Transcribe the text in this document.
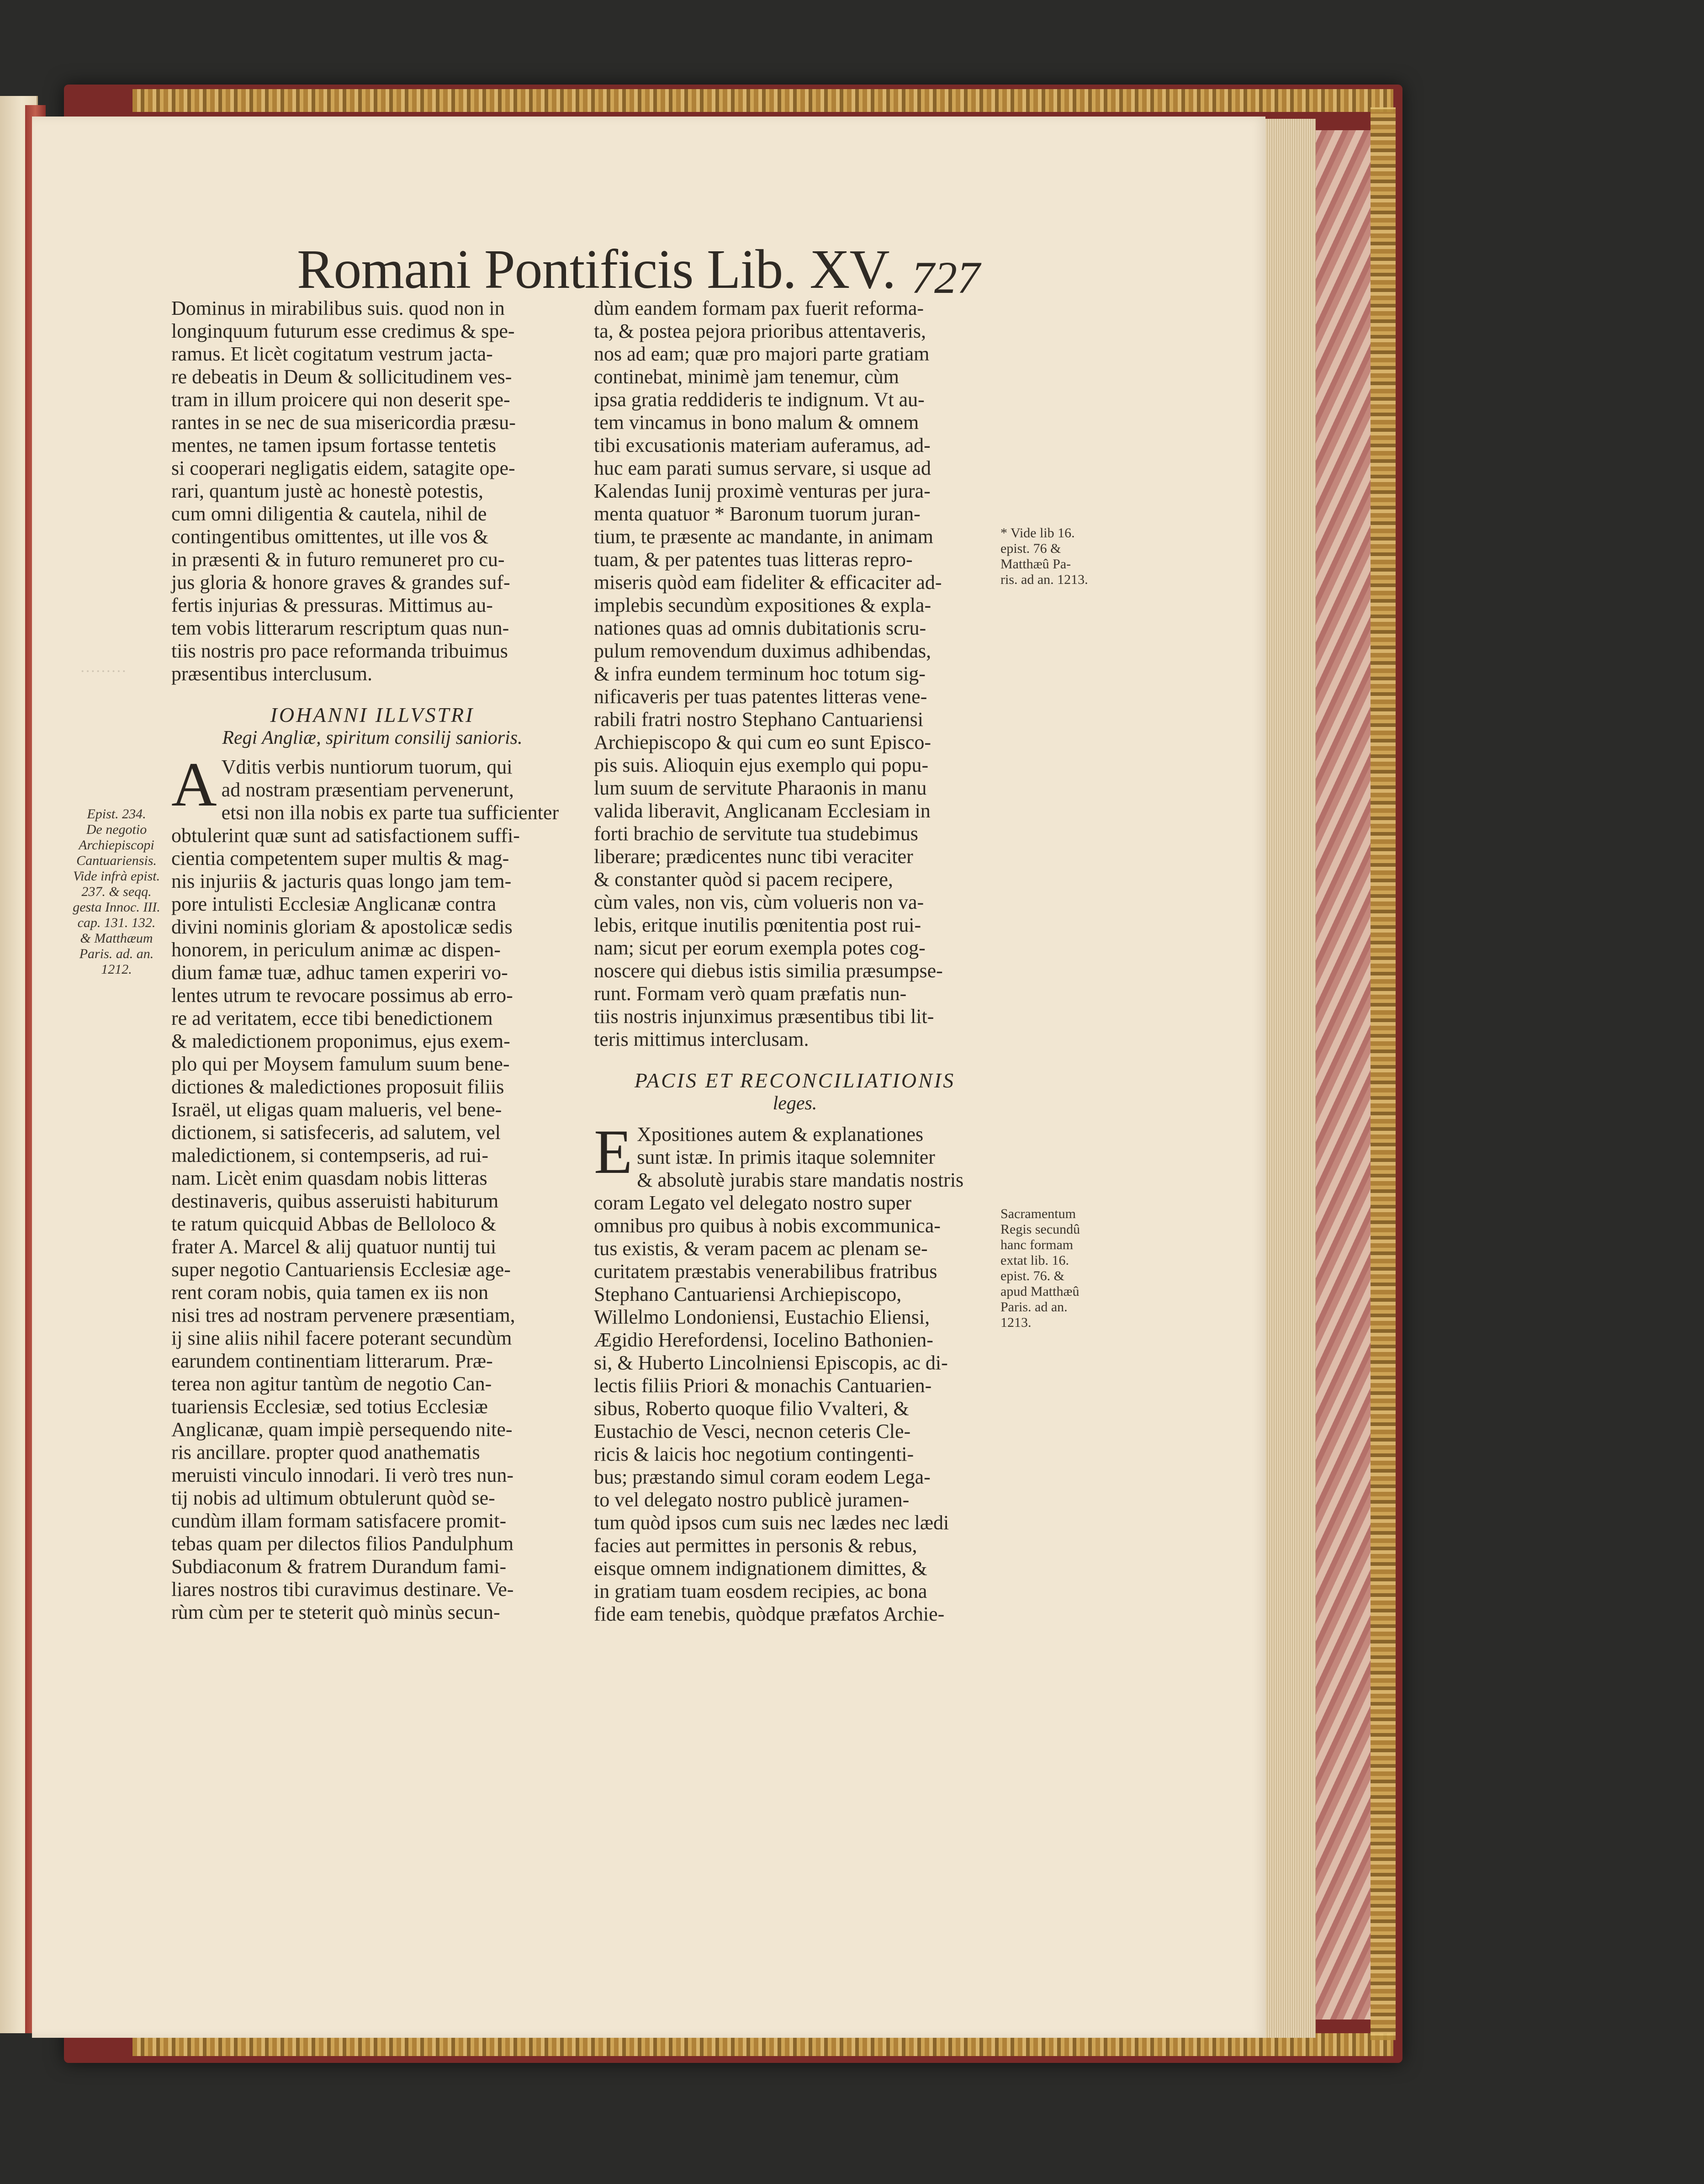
Romani Pontificis Lib. XV. 727

Dominus in mirabilibus suis. quod non in

longinquum futurum esse credimus & spe-

ramus. Et licèt cogitatum vestrum jacta-

re debeatis in Deum & sollicitudinem ves-

tram in illum proicere qui non deserit spe-

rantes in se nec de sua misericordia præsu-

mentes, ne tamen ipsum fortasse tentetis

si cooperari negligatis eidem, satagite ope-

rari, quantum justè ac honestè potestis,

cum omni diligentia & cautela, nihil de

contingentibus omittentes, ut ille vos &

in præsenti & in futuro remuneret pro cu-

jus gloria & honore graves & grandes suf-

fertis injurias & pressuras. Mittimus au-

tem vobis litterarum rescriptum quas nun-

tiis nostris pro pace reformanda tribuimus

præsentibus interclusum.

IOHANNI ILLVSTRI

Regi Angliæ, spiritum consilij sanioris.

A Vditis verbis nuntiorum tuorum, qui

ad nostram præsentiam pervenerunt,

etsi non illa nobis ex parte tua sufficienter

obtulerint quæ sunt ad satisfactionem suffi-

cientia competentem super multis & mag-

nis injuriis & jacturis quas longo jam tem-

pore intulisti Ecclesiæ Anglicanæ contra

divini nominis gloriam & apostolicæ sedis

honorem, in periculum animæ ac dispen-

dium famæ tuæ, adhuc tamen experiri vo-

lentes utrum te revocare possimus ab erro-

re ad veritatem, ecce tibi benedictionem

& maledictionem proponimus, ejus exem-

plo qui per Moysem famulum suum bene-

dictiones & maledictiones proposuit filiis

Israël, ut eligas quam malueris, vel bene-

dictionem, si satisfeceris, ad salutem, vel

maledictionem, si contempseris, ad rui-

nam. Licèt enim quasdam nobis litteras

destinaveris, quibus asseruisti habiturum

te ratum quicquid Abbas de Belloloco &

frater A. Marcel & alij quatuor nuntij tui

super negotio Cantuariensis Ecclesiæ age-

rent coram nobis, quia tamen ex iis non

nisi tres ad nostram pervenere præsentiam,

ij sine aliis nihil facere poterant secundùm

earundem continentiam litterarum. Præ-

terea non agitur tantùm de negotio Can-

tuariensis Ecclesiæ, sed totius Ecclesiæ

Anglicanæ, quam impiè persequendo nite-

ris ancillare. propter quod anathematis

meruisti vinculo innodari. Ii verò tres nun-

tij nobis ad ultimum obtulerunt quòd se-

cundùm illam formam satisfacere promit-

tebas quam per dilectos filios Pandulphum

Subdiaconum & fratrem Durandum fami-

liares nostros tibi curavimus destinare. Ve-

rùm cùm per te steterit quò minùs secun-

dùm eandem formam pax fuerit reforma-

ta, & postea pejora prioribus attentaveris,

nos ad eam; quæ pro majori parte gratiam

continebat, minimè jam tenemur, cùm

ipsa gratia reddideris te indignum. Vt au-

tem vincamus in bono malum & omnem

tibi excusationis materiam auferamus, ad-

huc eam parati sumus servare, si usque ad

Kalendas Iunij proximè venturas per jura-

menta quatuor * Baronum tuorum juran-

tium, te præsente ac mandante, in animam

tuam, & per patentes tuas litteras repro-

miseris quòd eam fideliter & efficaciter ad-

implebis secundùm expositiones & expla-

nationes quas ad omnis dubitationis scru-

pulum removendum duximus adhibendas,

& infra eundem terminum hoc totum sig-

nificaveris per tuas patentes litteras vene-

rabili fratri nostro Stephano Cantuariensi

Archiepiscopo & qui cum eo sunt Episco-

pis suis. Alioquin ejus exemplo qui popu-

lum suum de servitute Pharaonis in manu

valida liberavit, Anglicanam Ecclesiam in

forti brachio de servitute tua studebimus

liberare; prædicentes nunc tibi veraciter

& constanter quòd si pacem recipere,

cùm vales, non vis, cùm volueris non va-

lebis, eritque inutilis pœnitentia post rui-

nam; sicut per eorum exempla potes cog-

noscere qui diebus istis similia præsumpse-

runt. Formam verò quam præfatis nun-

tiis nostris injunximus præsentibus tibi lit-

teris mittimus interclusam.

PACIS ET RECONCILIATIONIS

leges.

E Xpositiones autem & explanationes

sunt istæ. In primis itaque solemniter

& absolutè jurabis stare mandatis nostris

coram Legato vel delegato nostro super

omnibus pro quibus à nobis excommunica-

tus existis, & veram pacem ac plenam se-

curitatem præstabis venerabilibus fratribus

Stephano Cantuariensi Archiepiscopo,

Willelmo Londoniensi, Eustachio Eliensi,

Ægidio Herefordensi, Iocelino Bathonien-

si, & Huberto Lincolniensi Episcopis, ac di-

lectis filiis Priori & monachis Cantuarien-

sibus, Roberto quoque filio Vvalteri, &

Eustachio de Vesci, necnon ceteris Cle-

ricis & laicis hoc negotium contingenti-

bus; præstando simul coram eodem Lega-

to vel delegato nostro publicè juramen-

tum quòd ipsos cum suis nec lædes nec lædi

facies aut permittes in personis & rebus,

eisque omnem indignationem dimittes, &

in gratiam tuam eosdem recipies, ac bona

fide eam tenebis, quòdque præfatos Archie-

Epist. 234.

De negotio

Archiepiscopi

Cantuariensis.

Vide infrà epist.

237. & seqq.

gesta Innoc. III.

cap. 131. 132.

& Matthæum

Paris. ad. an.

1212.

* Vide lib 16.

epist. 76 &

Matthæû Pa-

ris. ad an. 1213.

Sacramentum

Regis secundû

hanc formam

extat lib. 16.

epist. 76. &

apud Matthæû

Paris. ad an.

1213.

·········
